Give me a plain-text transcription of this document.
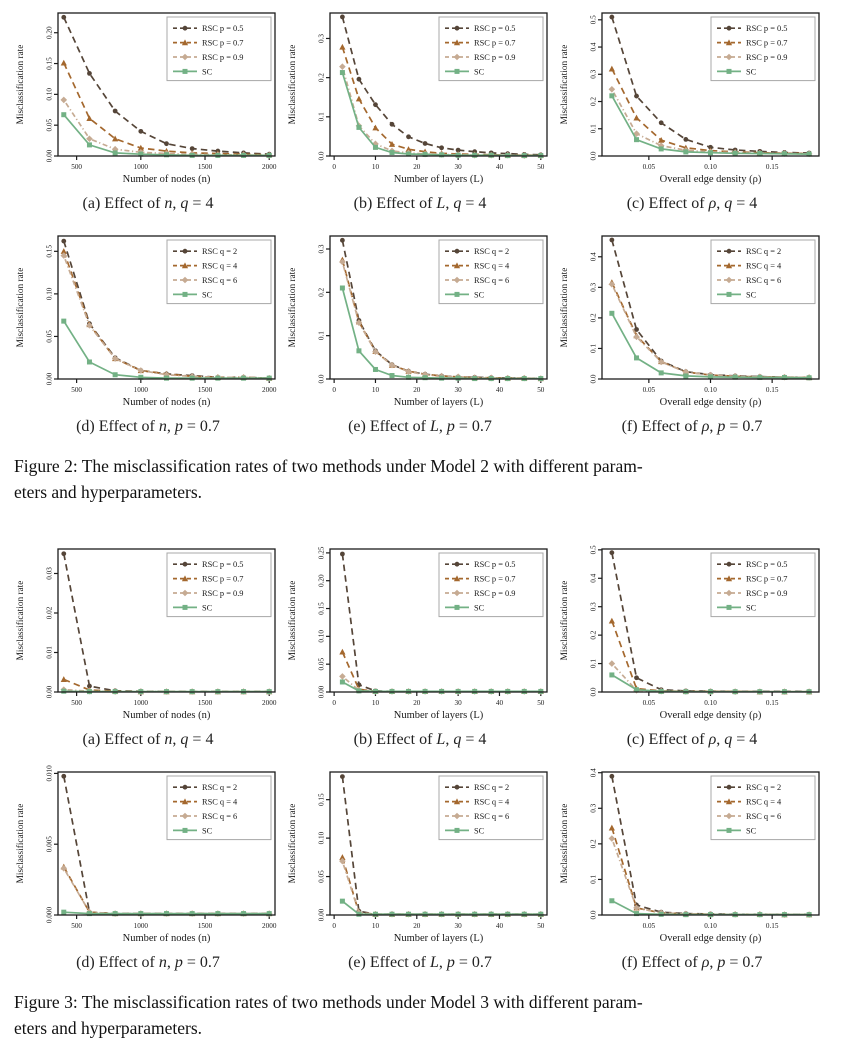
0.00
0.05
0.10
0.15
0.20
500	1000	1500	2000
Number of nodes (n)
Misclassification rate
RSC p = 0.5
RSC p = 0.7
RSC p = 0.9
SC
(a) Effect of n, q = 4
0.0
0.1
0.2
0.3
0	10	20	30	40	50
Number of layers (L)
Misclassification rate
RSC p = 0.5
RSC p = 0.7
RSC p = 0.9
SC
(b) Effect of L, q = 4
0.0
0.1
0.2
0.3
0.4
0.5
0.05	0.10	0.15
Overall edge density (ρ)
Misclassification rate
RSC p = 0.5
RSC p = 0.7
RSC p = 0.9
SC
(c) Effect of ρ, q = 4
0.00
0.05
0.10
0.15
500	1000	1500	2000
Number of nodes (n)
Misclassification rate
RSC q = 2
RSC q = 4
RSC q = 6
SC
(d) Effect of n, p = 0.7
0.0
0.1
0.2
0.3
0	10	20	30	40	50
Number of layers (L)
Misclassification rate
RSC q = 2
RSC q = 4
RSC q = 6
SC
(e) Effect of L, p = 0.7
0.0
0.1
0.2
0.3
0.4
0.05	0.10	0.15
Overall edge density (ρ)
Misclassification rate
RSC q = 2
RSC q = 4
RSC q = 6
SC
(f) Effect of ρ, p = 0.7

Figure 2: The misclassification rates of two methods under Model 2 with different param-
eters and hyperparameters.

0.00
0.01
0.02
0.03
500	1000	1500	2000
Number of nodes (n)
Misclassification rate
RSC p = 0.5
RSC p = 0.7
RSC p = 0.9
SC
(a) Effect of n, q = 4
0.00
0.05
0.10
0.15
0.20
0.25
0	10	20	30	40	50
Number of layers (L)
Misclassification rate
RSC p = 0.5
RSC p = 0.7
RSC p = 0.9
SC
(b) Effect of L, q = 4
0.0
0.1
0.2
0.3
0.4
0.5
0.05	0.10	0.15
Overall edge density (ρ)
Misclassification rate
RSC p = 0.5
RSC p = 0.7
RSC p = 0.9
SC
(c) Effect of ρ, q = 4
0.000
0.005
0.010
500	1000	1500	2000
Number of nodes (n)
Misclassification rate
RSC q = 2
RSC q = 4
RSC q = 6
SC
(d) Effect of n, p = 0.7
0.00
0.05
0.10
0.15
0	10	20	30	40	50
Number of layers (L)
Misclassification rate
RSC q = 2
RSC q = 4
RSC q = 6
SC
(e) Effect of L, p = 0.7
0.0
0.1
0.2
0.3
0.4
0.05	0.10	0.15
Overall edge density (ρ)
Misclassification rate
RSC q = 2
RSC q = 4
RSC q = 6
SC
(f) Effect of ρ, p = 0.7

Figure 3: The misclassification rates of two methods under Model 3 with different param-
eters and hyperparameters.
